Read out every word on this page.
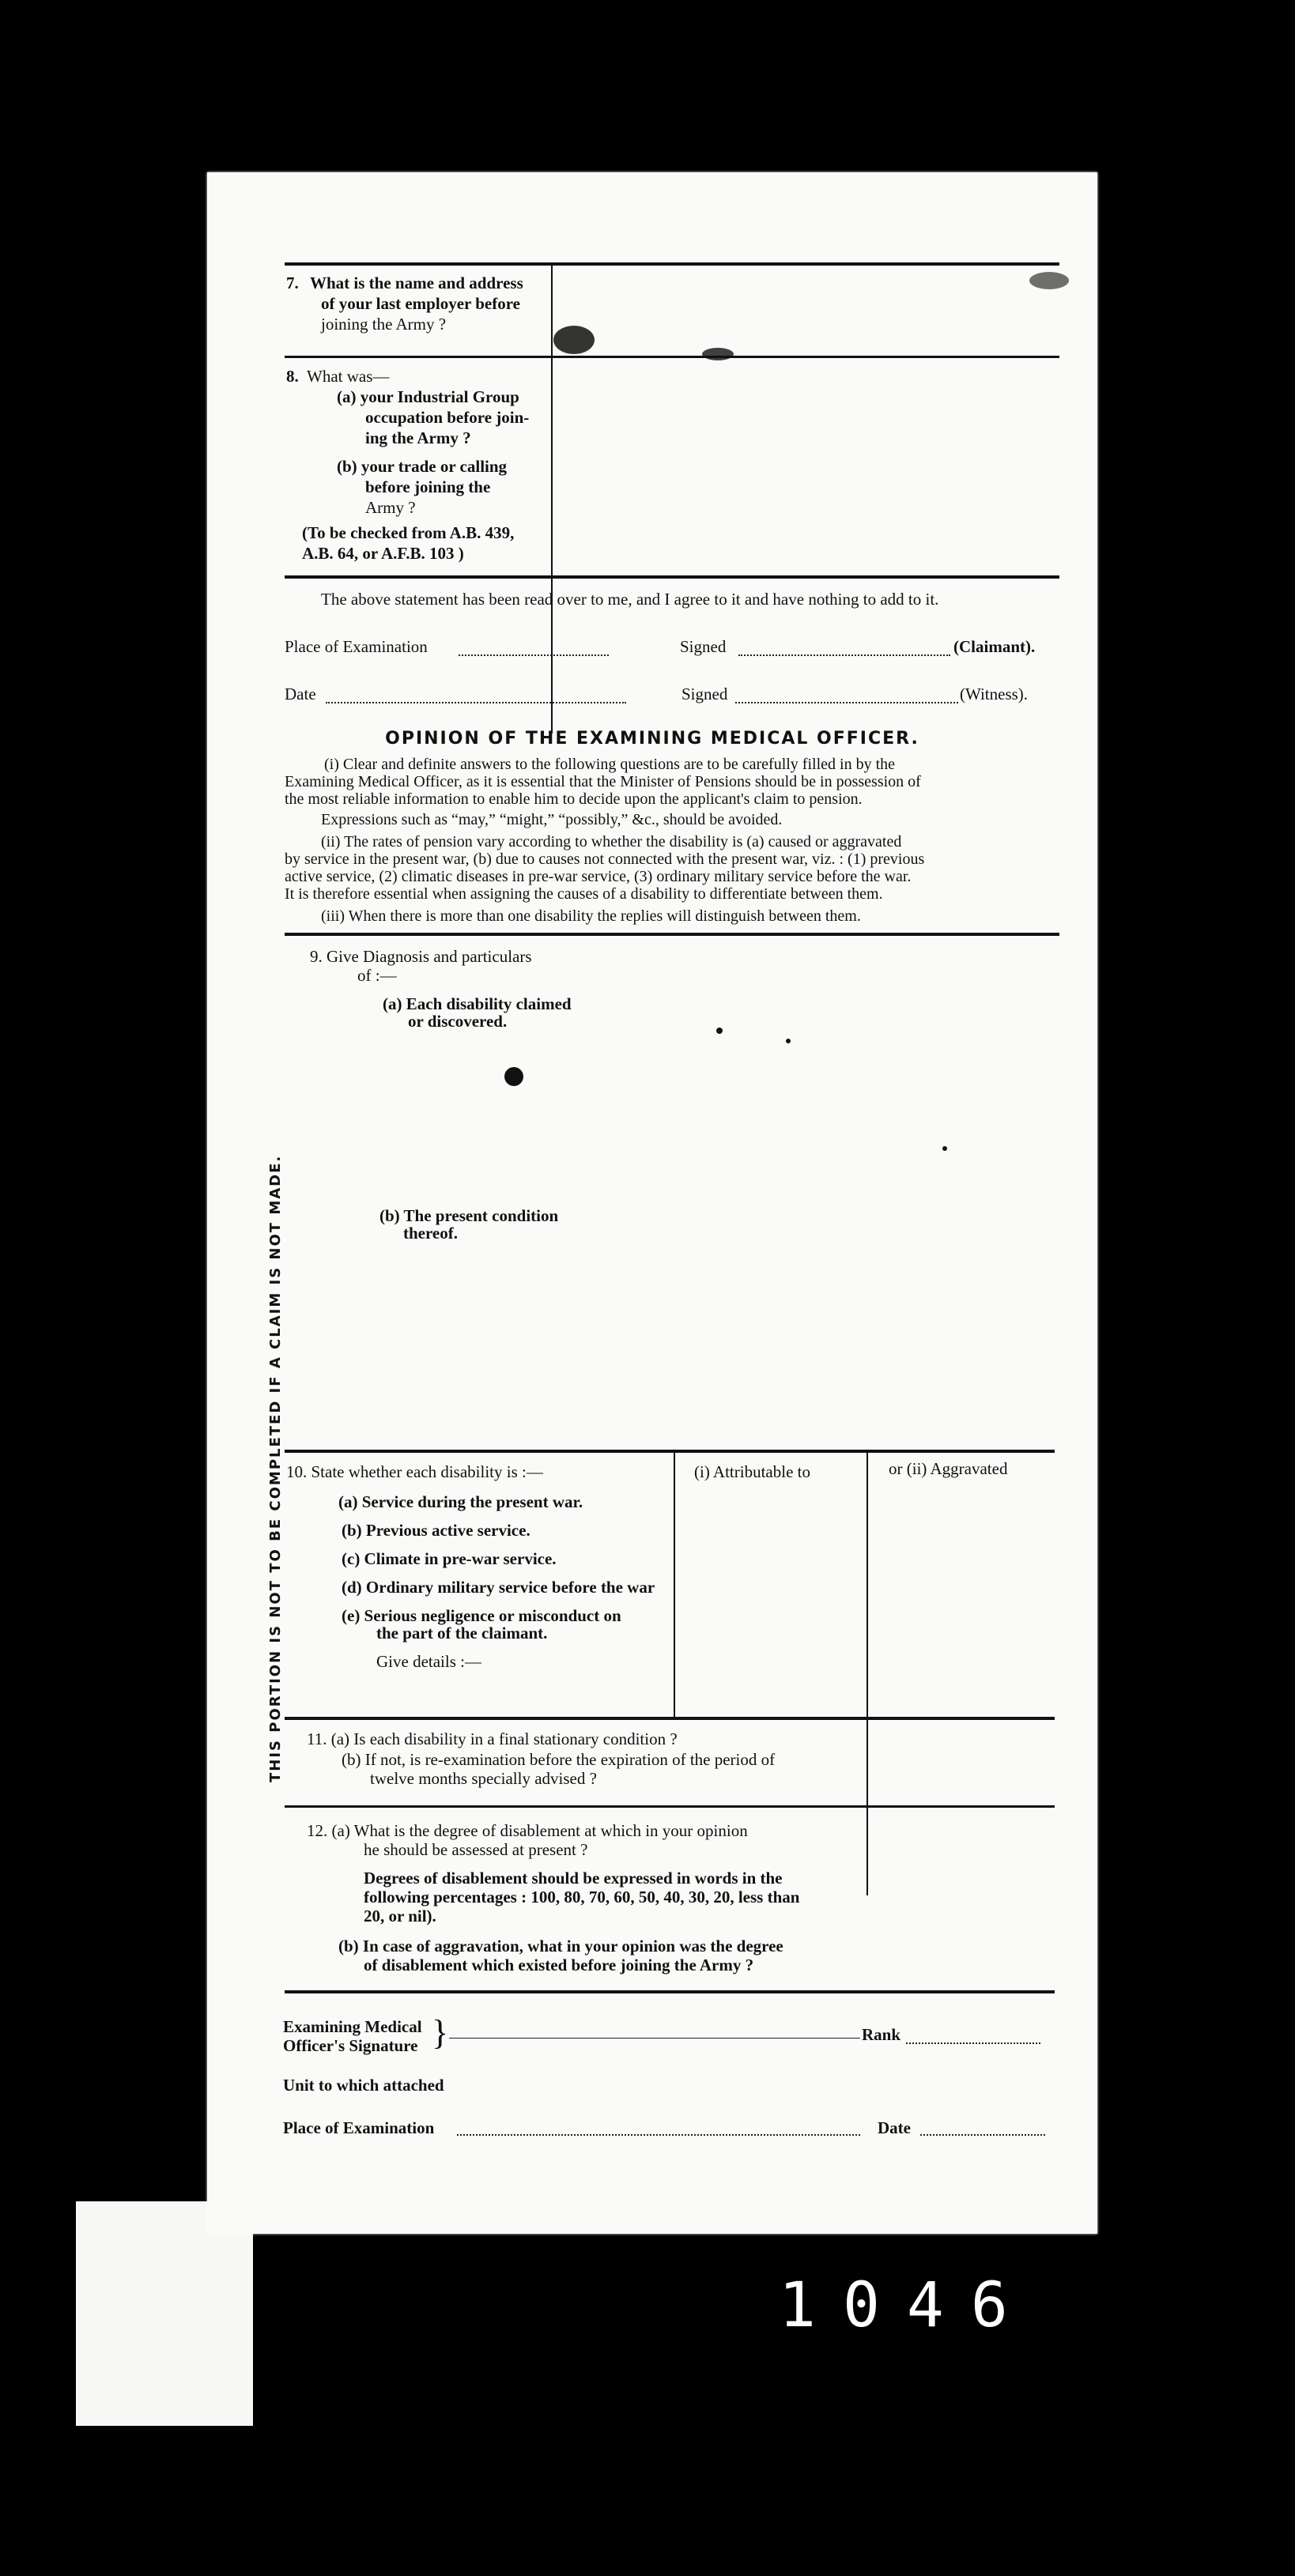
7. What is the name and address
of your last employer before
joining the Army ?
8. What was—
(a) your Industrial Group
occupation before join-
ing the Army ?
(b) your trade or calling
before joining the
Army ?
(To be checked from A.B. 439,
A.B. 64, or A.F.B. 103 )
The above statement has been read over to me, and I agree to it and have nothing to add to it.
Place of Examination	Signed	(Claimant).
Date	Signed	(Witness).
OPINION OF THE EXAMINING MEDICAL OFFICER.
(i) Clear and definite answers to the following questions are to be carefully filled in by the
Examining Medical Officer, as it is essential that the Minister of Pensions should be in possession of
the most reliable information to enable him to decide upon the applicant's claim to pension.
Expressions such as “may,” “might,” “possibly,” &c., should be avoided.
(ii) The rates of pension vary according to whether the disability is (a) caused or aggravated
by service in the present war, (b) due to causes not connected with the present war, viz. : (1) previous
active service, (2) climatic diseases in pre-war service, (3) ordinary military service before the war.
It is therefore essential when assigning the causes of a disability to differentiate between them.
(iii) When there is more than one disability the replies will distinguish between them.
9. Give Diagnosis and particulars
of :—
(a) Each disability claimed
or discovered.
(b) The present condition
thereof.
10. State whether each disability is :—	(i) Attributable to	or (ii) Aggravated
(a) Service during the present war.
(b) Previous active service.
(c) Climate in pre-war service.
(d) Ordinary military service before the war
(e) Serious negligence or misconduct on
the part of the claimant.
Give details :—
11. (a) Is each disability in a final stationary condition ?
(b) If not, is re-examination before the expiration of the period of
twelve months specially advised ?
12. (a) What is the degree of disablement at which in your opinion
he should be assessed at present ?
Degrees of disablement should be expressed in words in the
following percentages : 100, 80, 70, 60, 50, 40, 30, 20, less than
20, or nil).
(b) In case of aggravation, what in your opinion was the degree
of disablement which existed before joining the Army ?
Examining Medical
Officer's Signature }	Rank
Unit to which attached
Place of Examination	Date
THIS PORTION IS NOT TO BE COMPLETED IF A CLAIM IS NOT MADE.
1046
